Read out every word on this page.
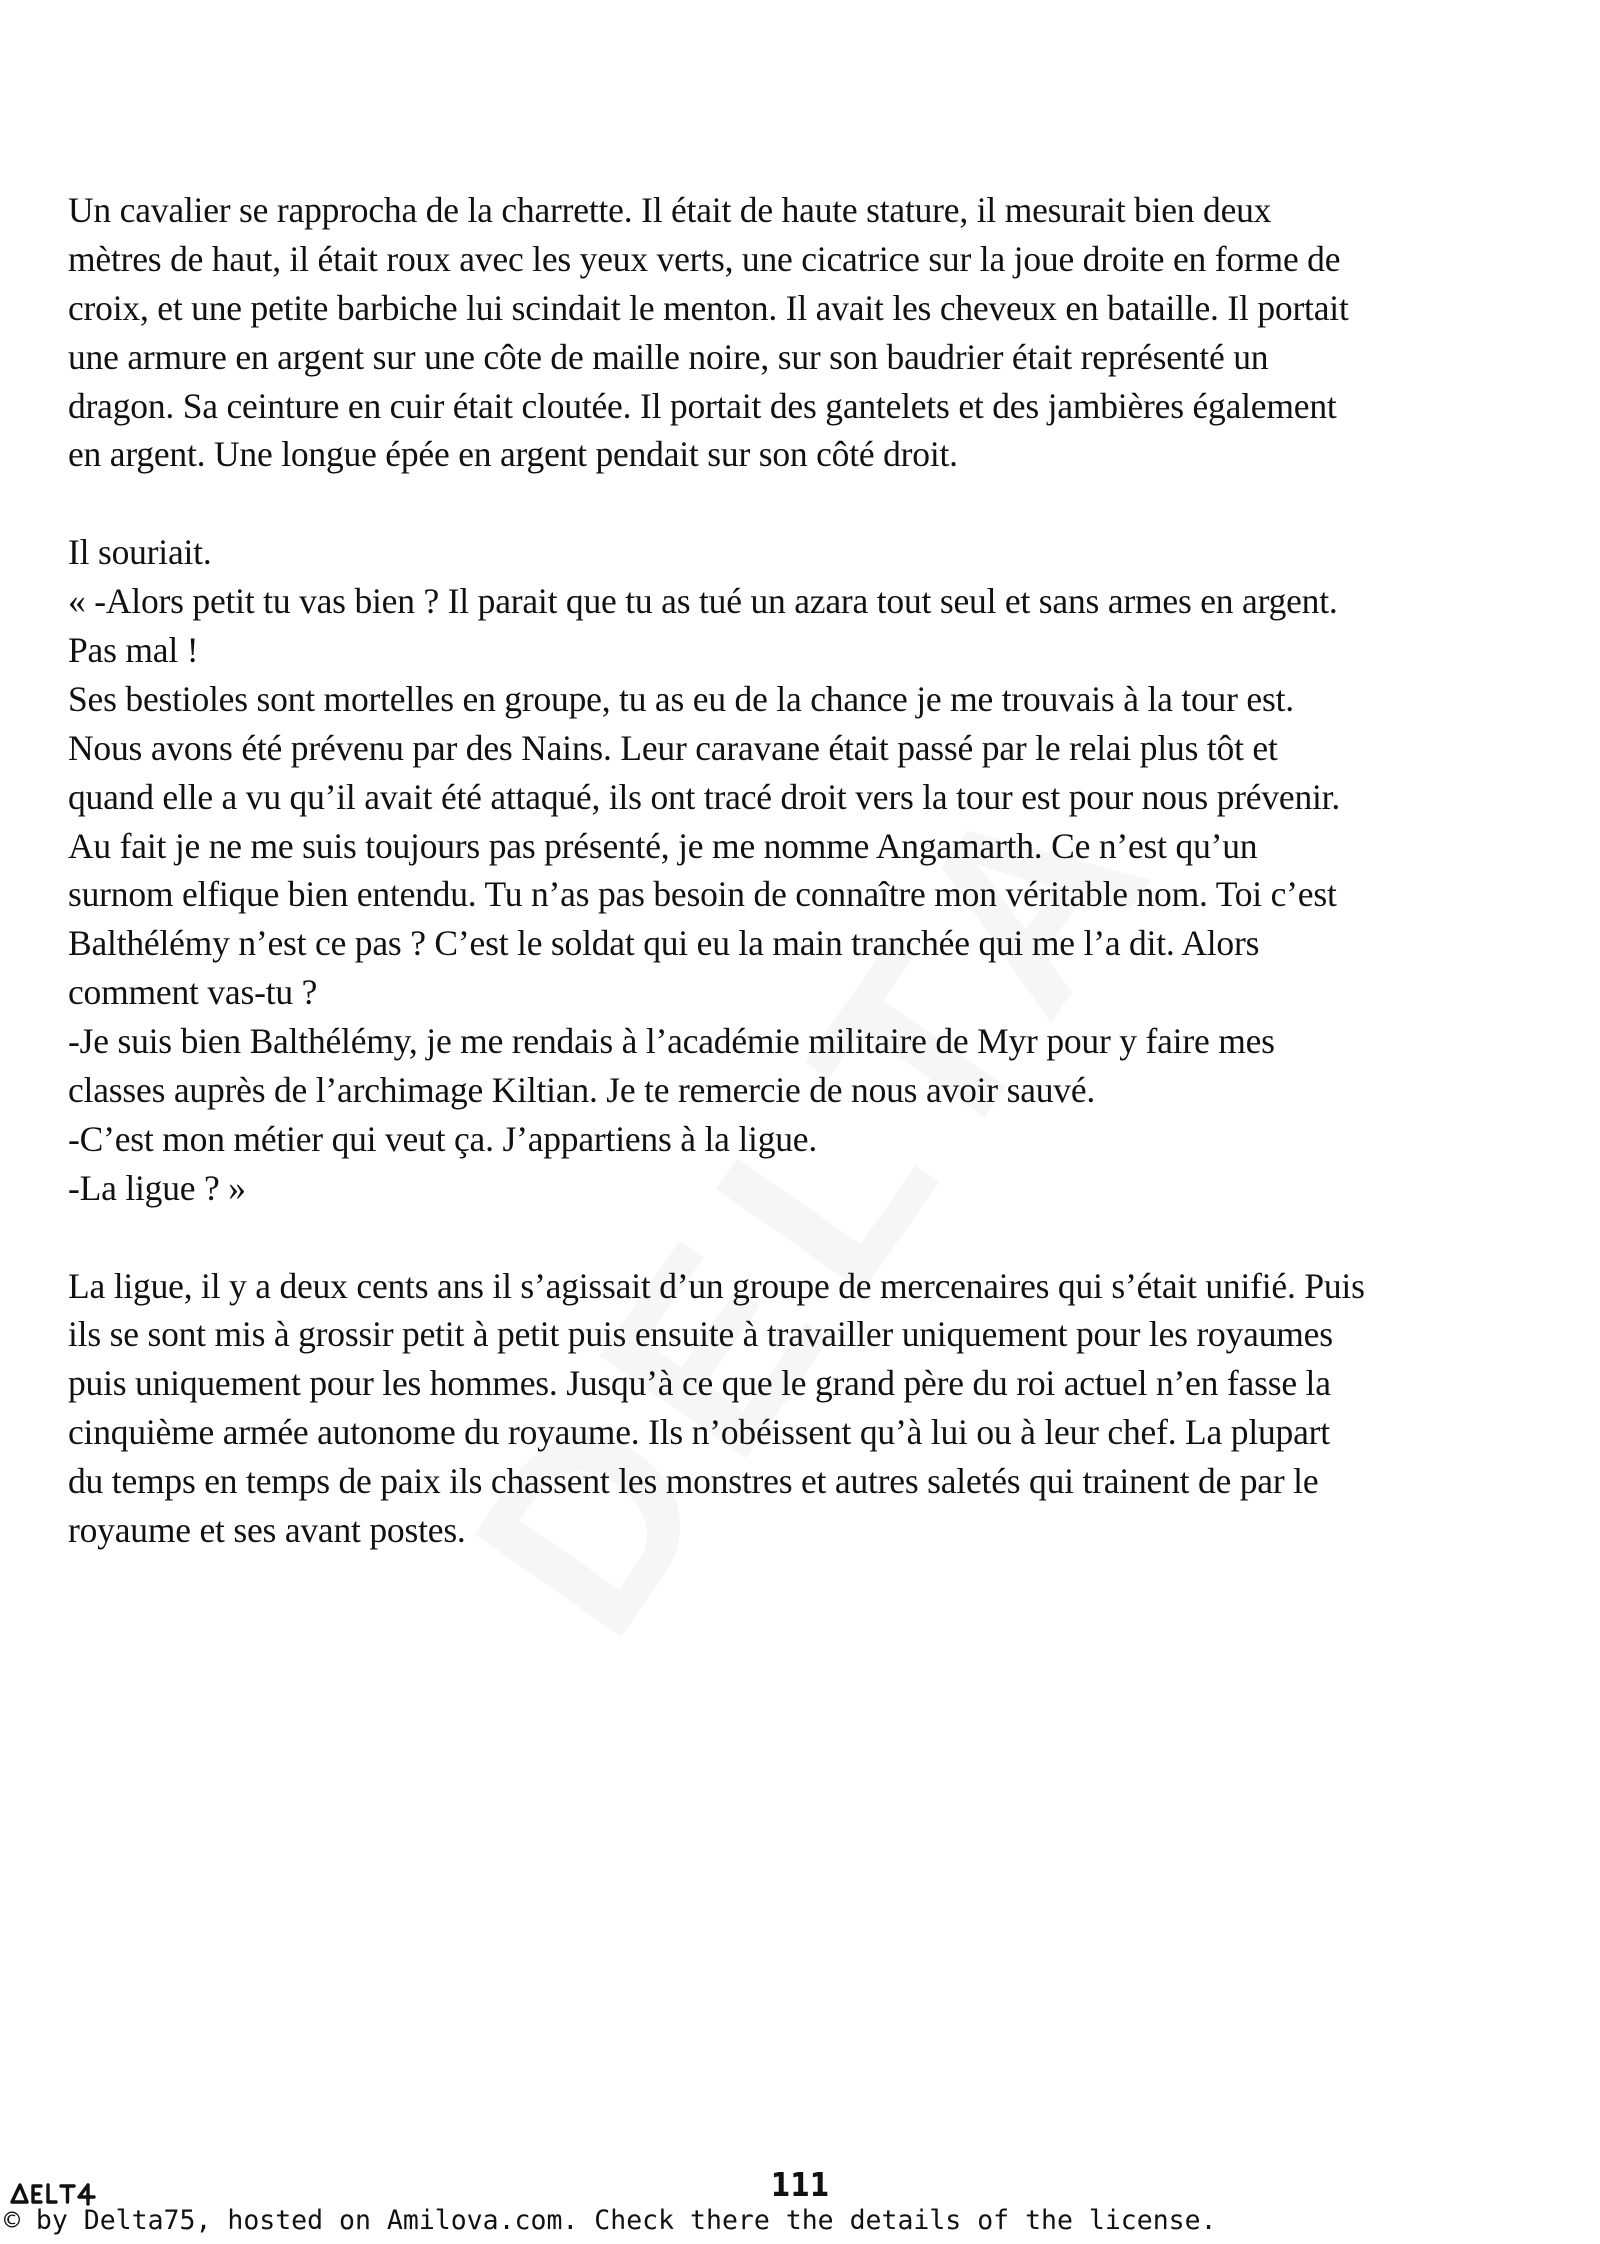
Un cavalier se rapprocha de la charrette. Il était de haute stature, il mesurait bien deux
mètres de haut, il était roux avec les yeux verts, une cicatrice sur la joue droite en forme de
croix, et une petite barbiche lui scindait le menton. Il avait les cheveux en bataille. Il portait
une armure en argent sur une côte de maille noire, sur son baudrier était représenté un
dragon. Sa ceinture en cuir était cloutée. Il portait des gantelets et des jambières également
en argent. Une longue épée en argent pendait sur son côté droit.
Il souriait.
« -Alors petit tu vas bien ? Il parait que tu as tué un azara tout seul et sans armes en argent.
Pas mal !
Ses bestioles sont mortelles en groupe, tu as eu de la chance je me trouvais à la tour est.
Nous avons été prévenu par des Nains. Leur caravane était passé par le relai plus tôt et
quand elle a vu qu’il avait été attaqué, ils ont tracé droit vers la tour est pour nous prévenir.
Au fait je ne me suis toujours pas présenté, je me nomme Angamarth. Ce n’est qu’un
surnom elfique bien entendu. Tu n’as pas besoin de connaître mon véritable nom. Toi c’est
Balthélémy n’est ce pas ? C’est le soldat qui eu la main tranchée qui me l’a dit. Alors
comment vas-tu ?
-Je suis bien Balthélémy, je me rendais à l’académie militaire de Myr pour y faire mes
classes auprès de l’archimage Kiltian. Je te remercie de nous avoir sauvé.
-C’est mon métier qui veut ça. J’appartiens à la ligue.
-La ligue ? »
La ligue, il y a deux cents ans il s’agissait d’un groupe de mercenaires qui s’était unifié. Puis
ils se sont mis à grossir petit à petit puis ensuite à travailler uniquement pour les royaumes
puis uniquement pour les hommes. Jusqu’à ce que le grand père du roi actuel n’en fasse la
cinquième armée autonome du royaume. Ils n’obéissent qu’à lui ou à leur chef. La plupart
du temps en temps de paix ils chassent les monstres et autres saletés qui trainent de par le
royaume et ses avant postes.
111
© by Delta75, hosted on Amilova.com. Check there the details of the license.
